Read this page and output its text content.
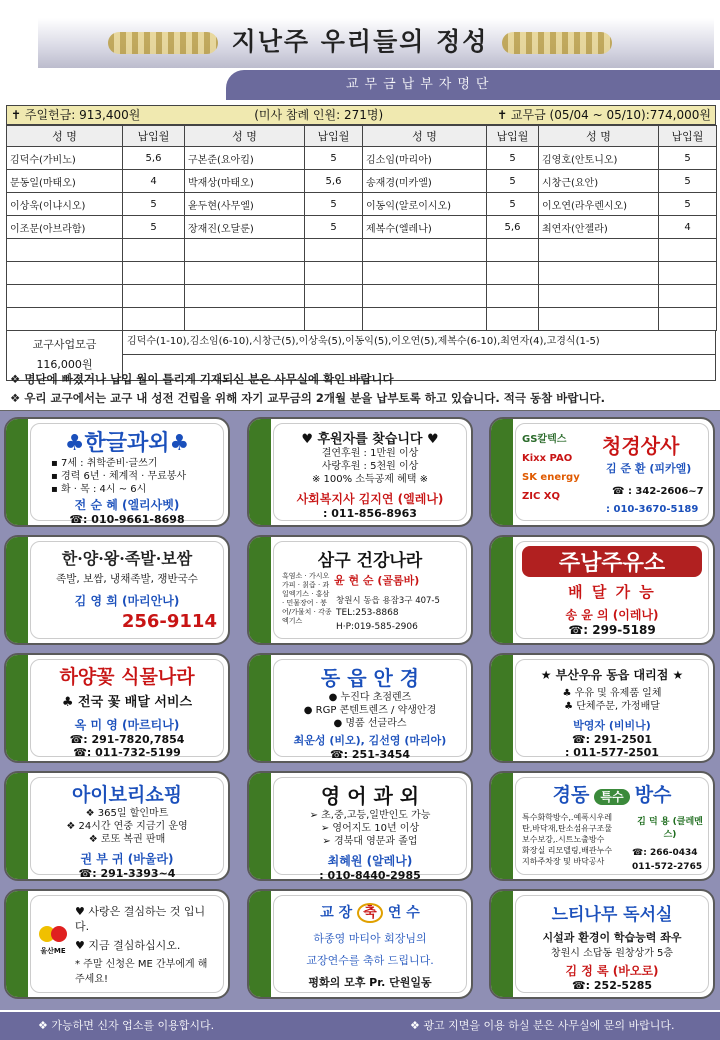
지난주 우리들의 정성
교무금납부자명단
✝ 주일헌금: 913,400원	(미사 참례 인원: 271명)	✝ 교무금 (05/04 ~ 05/10):774,000원
성 명	납입월	성 명	납입월	성 명	납입월	성 명	납입월
김덕수(가비노)	5,6	구본준(요아킴)	5	김소임(마리아)	5	김영호(안토니오)	5
문동일(마태오)	4	박재상(마태오)	5,6	송재경(미카엘)	5	시창근(요안)	5
이상욱(이냐시오)	5	윤두현(사무엘)	5	이동익(알로이시오)	5	이오연(라우렌시오)	5
이조문(아브라함)	5	장재진(오달룬)	5	제복수(엘레나)	5,6	최연자(안젤라)	4

교구사업모금
116,000원
김덕수(1-10),김소임(6-10),시창근(5),이상욱(5),이동익(5),이오연(5),제복수(6-10),최연자(4),고경식(1-5)
❖ 명단에 빠졌거나 납입 월이 틀리게 기재되신 분은 사무실에 확인 바랍니다
❖ 우리 교구에서는 교구 내 성전 건립을 위해 자기 교무금의 2개월 분을 납부토록 하고 있습니다. 적극 동참 바랍니다.
♣한글과외♣
▪ 7세 : 취학준비·글쓰기
▪ 경력 6년 · 체계적 · 무료봉사
▪ 화 · 목 : 4시 ~ 6시
전 순 혜 (엘리사벳)
☎: 010-9661-8698
♥ 후원자를 찾습니다 ♥
결연후원 : 1만원 이상
사랑후원 : 5천원 이상
※ 100% 소득공제 혜택 ※
사회복지사 김지연 (엘레나)
: 011-856-8963
GS칼텍스
Kixx PAO
SK energy
ZIC XQ
청경상사
김 준 환 (피카엘)
☎ : 342-2606~7
: 010-3670-5189
한·양·왕·족발·보쌈
족발, 보쌈, 냉채족발, 쟁반국수
김 영 희 (마리안나)
256-9114
삼구 건강나라
흑염소 · 가시오가피 · 칡즙 · 과일엑기스 · 홍삼 · 민물장어 · 붕어/가물치 · 각종엑기스
윤 현 순 (골롬바)
창원시 동읍 용잠3구 407-5
TEL:253-8868
H·P:019-585-2906
주남주유소
배 달 가 능
송 윤 의 (이레나)
☎: 299-5189
하양꽃 식물나라
♣ 전국 꽃 배달 서비스
옥 미 영 (마르티나)
☎: 291-7820,7854
☎: 011-732-5199
동 읍 안 경
● 누진다 초점렌즈
● RGP 콘텐트렌즈 / 약생안경
● 명품 선글라스
최운성 (비오), 김선영 (마리아)
☎: 251-3454
★ 부산우유 동읍 대리점 ★
♣ 우유 및 유제품 일체
♣ 단체주문, 가정배달
박영자 (비비나)
☎: 291-2501
: 011-577-2501
아이보리쇼핑
❖ 365일 할인마트
❖ 24시간 연중 지금기 운영
❖ 로또 복권 판매
권 부 귀 (바울라)
☎: 291-3393~4
영 어 과 외
➢ 초,중,고등,일반인도 가능
➢ 영어지도 10년 이상
➢ 경북대 영문과 졸업
최혜원 (알레나)
: 010-8440-2985
경동 특수 방수
특수화학방수,.예폭시우레
탄,바닥재,탄소섬유구조물
보수보강,.시트노출방수
화장실 리모델링,배관누수
지하주차장 및 바닥공사
김 덕 용 (클레멘스)
☎: 266-0434
011-572-2765
울산ME
♥ 사랑은 결심하는 것 입니다.
♥ 지금 결심하십시오.
* 주말 신청은 ME 간부에게 해 주세요!
교 장 축 연 수
하종영 마티아 회장님의
교장연수를 축하 드립니다.
평화의 모후 Pr. 단원일동
느티나무 독서실
시설과 환경이 학습능력 좌우
창원시 소답동 원창상가 5층
김 정 록 (바오로)
☎: 252-5285
❖ 가능하면 신자 업소를 이용합시다.	❖ 광고 지면을 이용 하실 분은 사무실에 문의 바랍니다.
